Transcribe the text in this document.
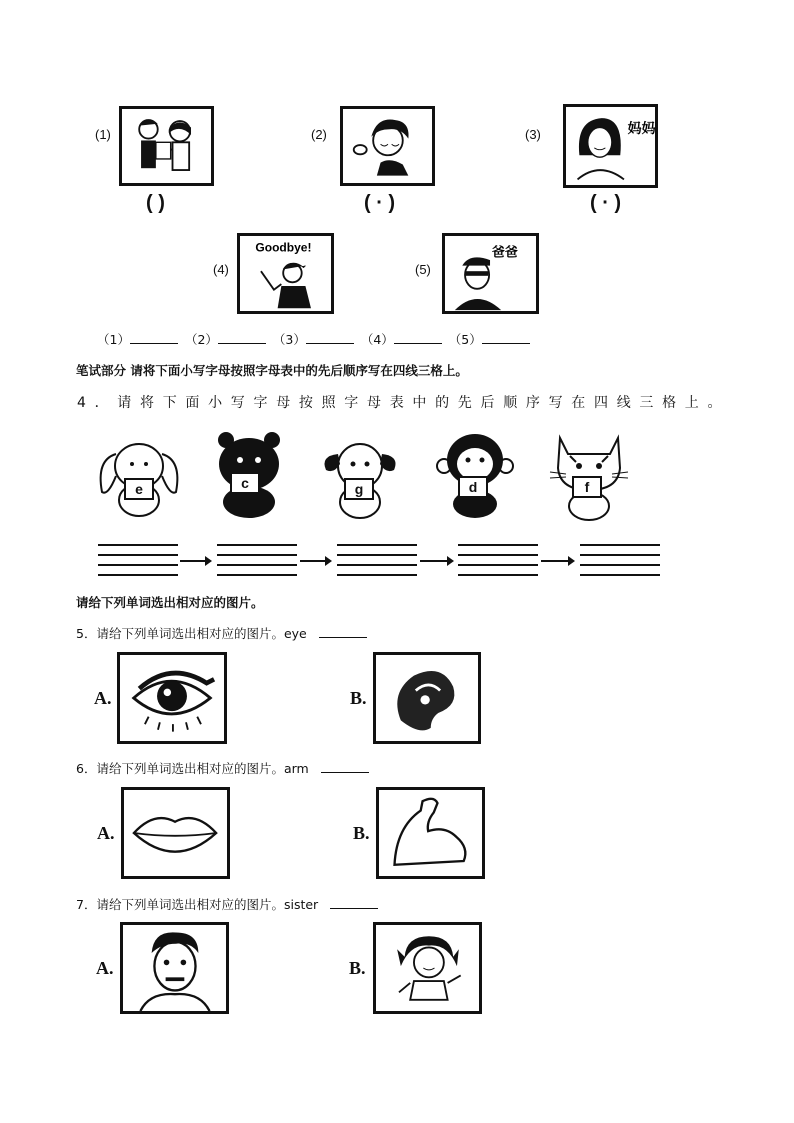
(1)
( )
(2)
( · )
(3)	妈妈
( · )
(4)
Goodbye!
(5)
爸爸
（1）	（2）	（3）	（4）	（5）
笔试部分 请将下面小写字母按照字母表中的先后顺序写在四线三格上。
4．请将下面小写字母按照字母表中的先后顺序写在四线三格上。
e	c	g	d	f
请给下列单词选出相对应的图片。
5．请给下列单词选出相对应的图片。eye
A.	B.
6．请给下列单词选出相对应的图片。arm
A.	B.
7．请给下列单词选出相对应的图片。sister
A.	B.
